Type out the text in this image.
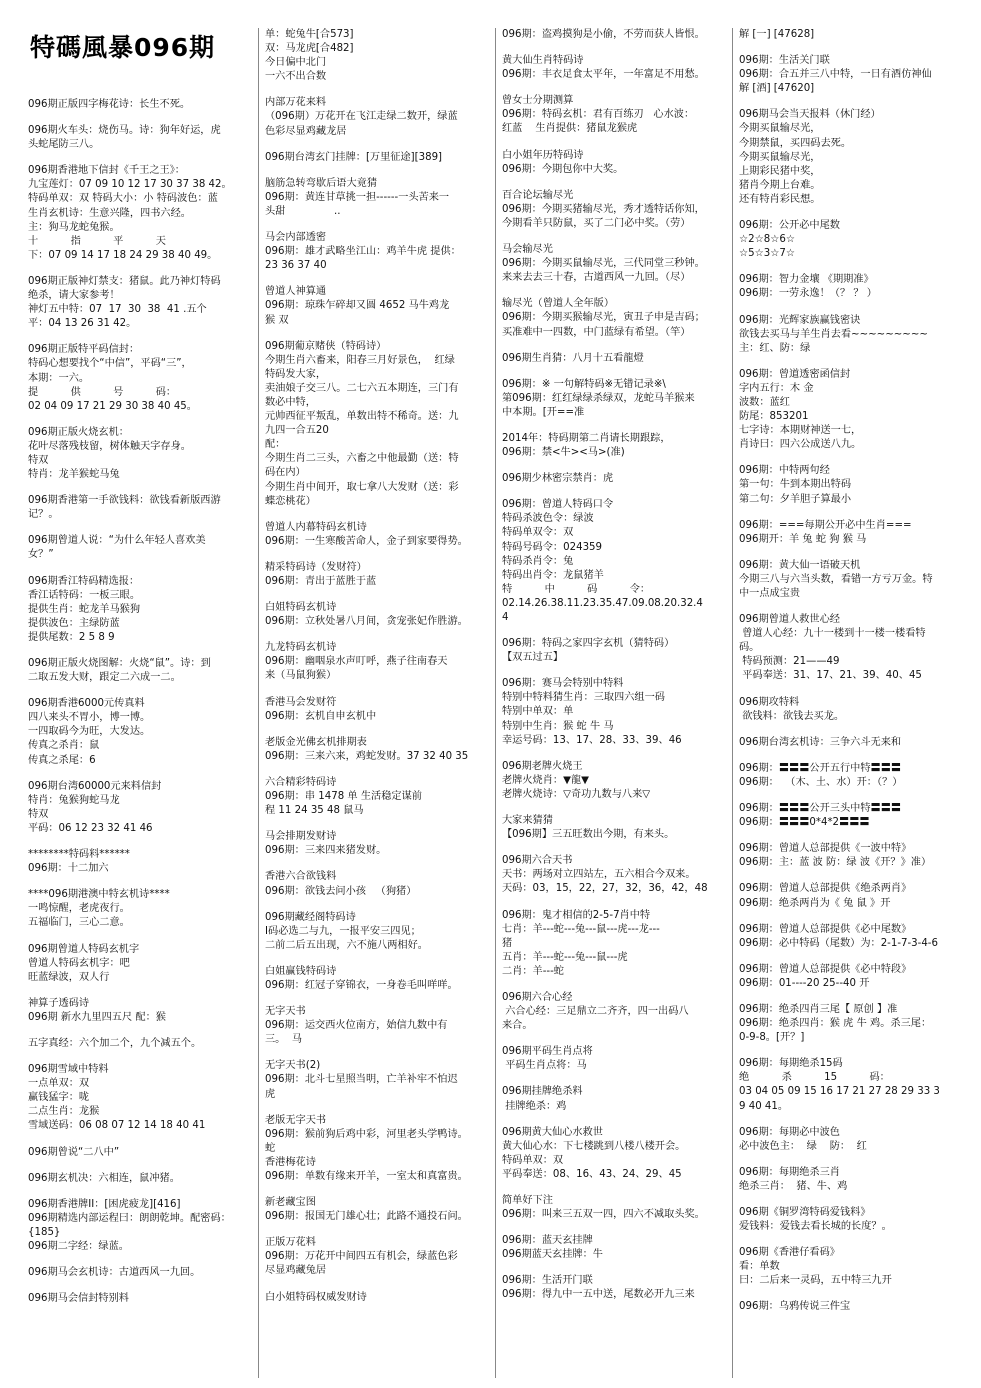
特碼風暴096期
096期正版四字梅花诗：长生不死。
096期火车头：烧伤马。诗：狗年好运，虎
头蛇尾防三八。
096期香港地下信封《千王之王》：
九宝莲灯：07 09 10 12 17 30 37 38 42。
特码单双：双 特码大小：小 特码波色：蓝
生肖玄机诗：生意兴隆，四书六经。
主：狗马龙蛇兔猴。
十          指          平          天
下：07 09 14 17 18 24 29 38 40 49。
096期正版神灯禁支：猪鼠。此乃神灯特码
绝杀，请大家参考！
神灯五中特：07  17  30  38  41 .五个
平：04 13 26 31 42。
096期正版特平码信封：
特码心想要找个“中信”，平码“三”，
本期：一六。
提          供          号          码：
02 04 09 17 21 29 30 38 40 45。
096期正版火烧玄机：
花叶尽落残枝留，树体触天字存身。
特双
特肖：龙羊猴蛇马兔
096期香港第一手欲钱料：欲钱看新版西游
记？。
096期曾道人说：“为什么年轻人喜欢美
女？”
096期香江特码精选报：
香江话特码：一板三眼。
提供生肖：蛇龙羊马猴狗
提供波色：主绿防蓝
提供尾数：2 5 8 9
096期正版火烧图解：火烧“鼠”。诗：到
二取五发大财，跟定二六成一二。
096期香港6000元传真料
四八来头不胃小，博一博。
一四取码今为旺，大发达。
传真之杀肖：鼠
传真之杀尾：6
096期台湾60000元来料信封
特肖：兔猴狗蛇马龙
特双
平码：06 12 23 32 41 46
********特码料******
096期：十二加六
****096期港澳中特玄机诗****
一鸣惊醒，老虎夜行。
五福临门，三心二意。
096期曾道人特码玄机字
曾道人特码玄机字：吧
旺蓝绿波，双人行
神算子透码诗
096期 新水九里四五尺 配：猴
五字真经：六个加二个，九个减五个。
096期雪域中特料
一点单双：双
赢钱猛字：咙
二点生肖：龙猴
雪域送码：06 08 07 12 14 18 40 41
096期曾说“二八中”
096期玄机决：六相连，鼠冲猪。
096期香港牌II：[困虎疲龙][416]
096期精选内部运程曰：朗朗乾坤。配密码：
{185}
096期二字经：绿蓝。
096期马会玄机诗：古道西风一九回。
096期马会信封特别料
单：蛇兔牛[合573]
双：马龙虎[合482]
今日偏中北门
一六不出合数
内部万花来料
（096期）万花开在飞江走绿二数开，绿蓝
色彩尽显鸡藏龙居
096期台湾玄门挂牌：[万里征途][389]
脑筋急转弯歇后语大竟猜
096期：黄连甘草挑一担------一头苦来一
头甜               ..
马会内部透密
096期：雄才武略坐江山：鸡羊牛虎 提供：
23 36 37 40
曾道人神算通
096期：琼珠乍碎却又圆 4652 马牛鸡龙
猴 双
096期葡京赌侠（特码诗）
今期生肖六畜来，阳春三月好景色，  红绿
特码发大家，
卖油娘子交三八。二七六五本期连，三门有
数必中特，
元帅西征平叛乱，单数出特不稀奇。送：九
九四一合五20
配：
今期生肖二三头，六畜之中他最勤（送：特
码在内）
今期生肖中间开，取七拿八大发财（送：彩
蝶恋桃花）
曾道人内幕特码玄机诗
096期：一生寒酸苦命人，金子到家要得势。
精采特码诗（发财符）
096期：青出于蓝胜于蓝
白姐特码玄机诗
096期：立秋处暑八月间，贪宠张妃作胜游。
九龙特码玄机诗
096期：幽咽泉水声叮呼，燕子往南春天
来（马鼠狗猴）
香港马会发财符
096期：玄机自申玄机中
老版金光佛玄机排期表
096期：三来六来，鸡蛇发财。37 32 40 35
六合精彩特码诗
096期：串 1478 单 生活稳定谋前
程 11 24 35 48 鼠马
马会排期发财诗
096期：三来四来猪发财。
香港六合欲钱料
096期：欲钱去问小孩   （狗猪）
096期藏经阁特码诗
Ⅰ码必选二与九，一报平安三四见；
二前二后五出现，六不施八两相好。
白姐赢钱特码诗
096期：红冠子穿锦衣，一身卷毛叫咩咩。
无字天书
096期：运交西火位南方，始信九数中有
三。  马
无字天书(2)
096期：北斗七星照当明，亡羊补牢不怕迟
虎
老版无字天书
096期：猴前狗后鸡中彩，河里老头学鸭诗。
蛇
香港梅花诗
096期：单数有缘来开羊，一室太和真富贵。
新老藏宝图
096期：报国无门雄心壮；此路不通投石问。
正版万花料
096期：万花开中间四五有机会，绿蓝色彩
尽显鸡藏兔居
白小姐特码权威发财诗
096期：盗鸡摸狗是小偷，不劳而获人皆恨。
黄大仙生肖特码诗
096期：丰衣足食太平年，一年富足不用愁。
曾女士分期测算
096期：特码玄机：君有百练刃   心水波：
红蓝    生肖提供：猪鼠龙猴虎
白小姐年历特码诗
096期：今期包你中大奖。
百合论坛输尽光
096期：今期买猪输尽光，秀才透特话你知，
今期看羊只防鼠，买了二门必中奖。（劳）
马会输尽光
096期：今期买鼠输尽光，三代同堂三秒钟。
来来去去三十春，古道西风一九回。（尽）
输尽光（曾道人全年版）
096期：今期买猴输尽光，寅丑子申是吉码；
买准难中一四数，中门蓝绿有希望。（竿）
096期生肖猜：八月十五看龍燈
096期：※ 一句解特码※无错记录※\
第096期：红红绿绿杀绿双，龙蛇马羊猴来
中本期。[开==准
2014年：特码期第二肖请长期跟踪，
096期：禁<牛><马>(准)
096期少林密宗禁肖：虎
096期：曾道人特码口令
特码杀波色令：绿波
特码单双令：双
特码号码令：024359
特码杀肖令：兔
特码出肖令：龙鼠猪羊
特          中          码          令：
02.14.26.38.11.23.35.47.09.08.20.32.4
4
096期：特码之家四字玄机（猜特码）
【双五过五】
096期：赛马会特别中特料
特别中特料猜生肖：三取四六组一码
特别中单双：单
特别中生肖：猴 蛇 牛 马
幸运号码：13、17、28、33、39、46
096期老牌火烧王
老牌火烧肖：▼龍▼
老牌火烧诗：▽奇功九数与八来▽
大家来猜猜
【096期】三五旺数出今期，有来头。
096期六合天书
天书：两场对立四站左，五六相合今双来。
天码：03，15，22，27，32，36，42，48
096期：鬼才相信的2-5-7肖中特
七肖：羊---蛇---兔---鼠---虎---龙---
猪
五肖：羊---蛇---兔---鼠---虎
二肖：羊---蛇
096期六合心经
六合心经：三足鼎立二齐齐，四一出码八
来合。
096期平码生肖点将
平码生肖点将：马
096期挂牌绝杀料
挂牌绝杀：鸡
096期黄大仙心水救世
黄大仙心水：下七楼跳到八楼八楼开会。
特码单双：双
平码奉送：08、16、43、24、29、45
简单好下注
096期：叫来三五双一四，四六不减取头奖。
096期：蓝天玄挂牌
096期蓝天玄挂牌：牛
096期：生活开门联
096期：得九中一五中送，尾数必开九三来
解 [一] [47628]
096期：生活关门联
096期：合五并三八中特，一日有酒仿神仙
解 [酒] [47620]
096期马会当天报料（休门经）
今期买鼠输尽光，
今期禁鼠，买四码去死。
今期买鼠输尽光，
上期彩民猪中奖，
猪肖今期上台难。
还有特肖彩民想。
096期：公开必中尾数
☆2☆8☆6☆
☆5☆3☆7☆
096期：智力金壤 《期期准》
096期：一劳永逸！（？ ？ ）
096期：光辉家族赢钱密诀
欲钱去买马与羊生肖去看~~~~~~~~~
主：红、防：绿
096期：曾道透密函信封
字内五行：木 金
波数：蓝红
防尾：853201
七字诗：本期财神送一七，
肖诗曰：四六公成送八九。
096期：中特两句经
第一句：牛到本期出特码
第二句：夕羊胆子算最小
096期：===每期公开必中生肖===
096期开：羊 兔 蛇 狗 猴 马
096期：黄大仙一语破天机
今期三八与六当头数，看错一方亏万金。特
中一点成宝贵
096期曾道人救世心经
曾道人心经：九十一楼到十一楼一楼看特
码。
特码预测：21——49
平码奉送：31、17、21、39、40、45
096期攻特料
欲钱料：欲钱去买龙。
096期台湾玄机诗：三争六斗无来和
096期：〓〓〓公开五行中特〓〓〓
096期：  （木、土、水）开：（？）
096期：〓〓〓公开三头中特〓〓〓
096期：〓〓〓0*4*2〓〓〓
096期：曾道人总部提供《一波中特》
096期：主：蓝 波 防：绿 波《开？》准）
096期：曾道人总部提供《绝杀两肖》
096期：绝杀两肖为《 兔 鼠 》开
096期：曾道人总部提供《必中尾数》
096期：必中特码（尾数）为：2-1-7-3-4-6
096期：曾道人总部提供《必中特段》
096期：01----20 25--40 开
096期：绝杀四肖三尾【 原创 】准
096期：绝杀四肖：猴 虎 牛 鸡。杀三尾：
0-9-8。[开？]
096期：每期绝杀15码
绝          杀          15          码：
03 04 05 09 15 16 17 21 27 28 29 33 3
9 40 41。
096期：每期必中波色
必中波色主：  绿    防：  红
096期：每期绝杀三肖
绝杀三肖：  猪、牛、鸡
096期《铜罗湾特码爱钱料》
爱钱料：爱钱去看长城的长度？。
096期《香港仔看码》
看：单数
曰：二后来一灵码，五中特三九开
096期：乌鸦传说三件宝
